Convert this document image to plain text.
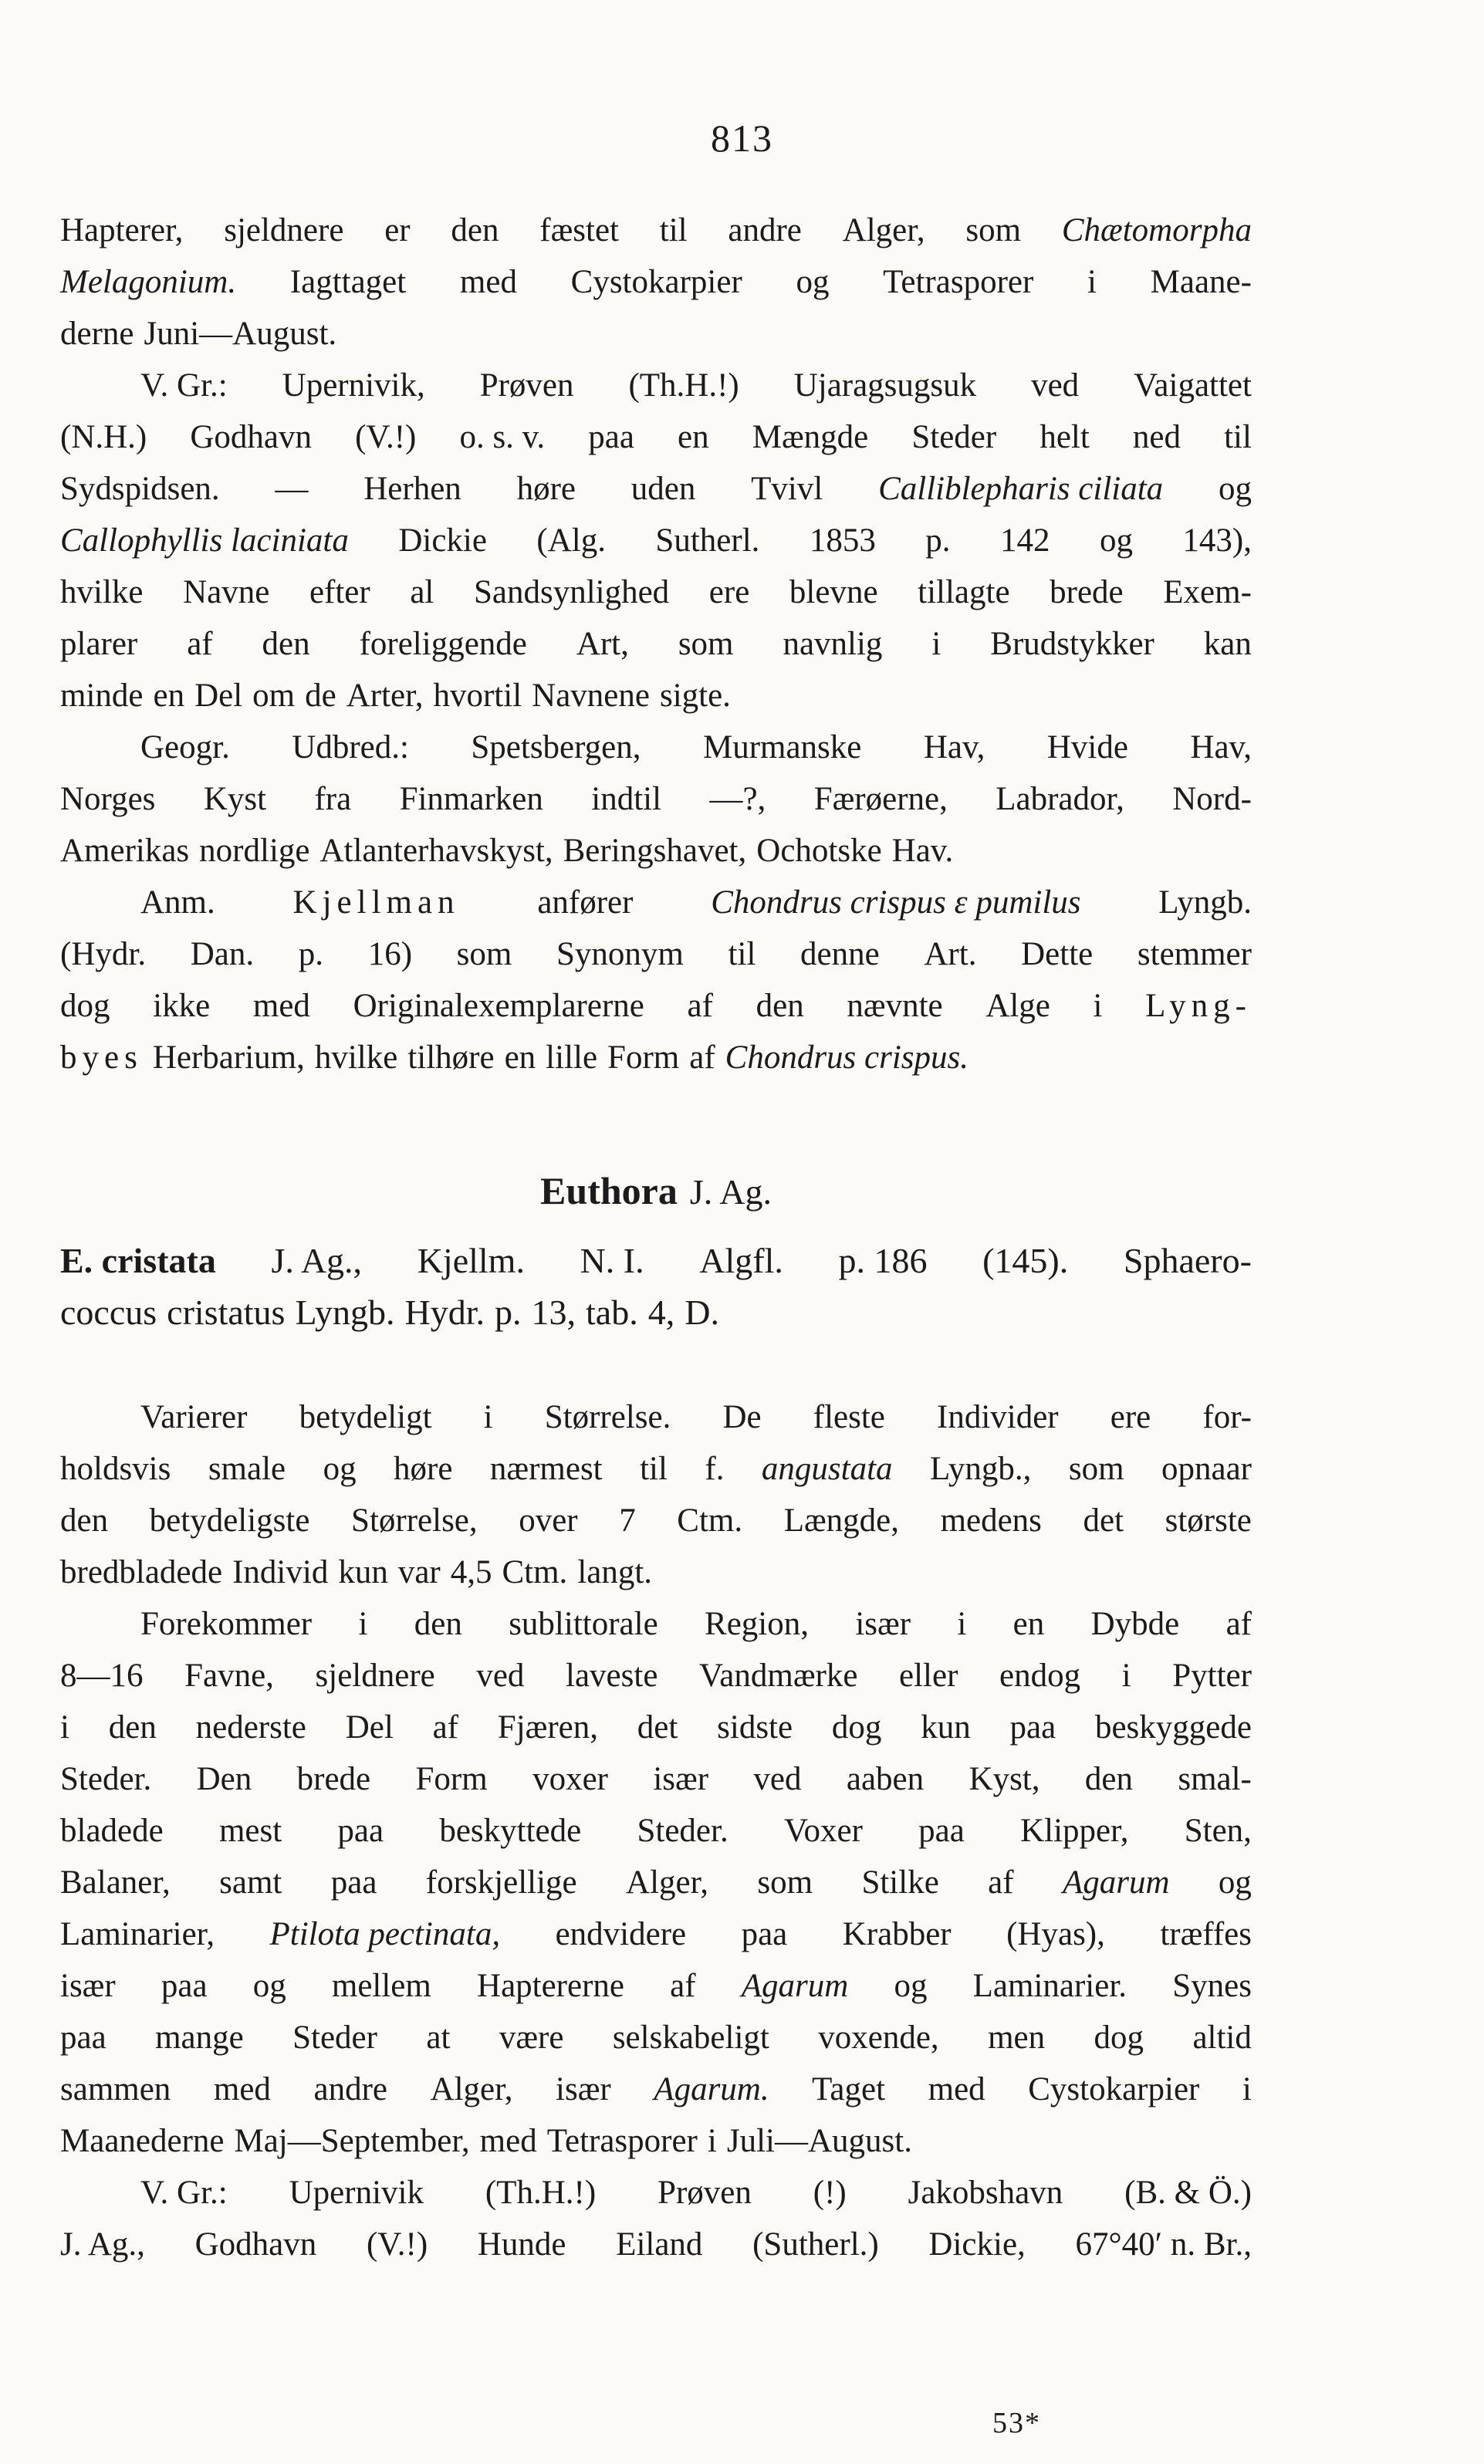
813
Hapterer, sjeldnere er den fæstet til andre Alger, som Chætomorpha
Melagonium. Iagttaget med Cystokarpier og Tetrasporer i Maane-
derne Juni—August.
V. Gr.: Upernivik, Prøven (Th.H.!) Ujaragsugsuk ved Vaigattet
(N.H.) Godhavn (V.!) o. s. v. paa en Mængde Steder helt ned til
Sydspidsen. — Herhen høre uden Tvivl Calliblepharis ciliata og
Callophyllis laciniata Dickie (Alg. Sutherl. 1853 p. 142 og 143),
hvilke Navne efter al Sandsynlighed ere blevne tillagte brede Exem-
plarer af den foreliggende Art, som navnlig i Brudstykker kan
minde en Del om de Arter, hvortil Navnene sigte.
Geogr. Udbred.: Spetsbergen, Murmanske Hav, Hvide Hav,
Norges Kyst fra Finmarken indtil —?, Færøerne, Labrador, Nord-
Amerikas nordlige Atlanterhavskyst, Beringshavet, Ochotske Hav.
Anm. Kjellman anfører Chondrus crispus ε pumilus Lyngb.
(Hydr. Dan. p. 16) som Synonym til denne Art. Dette stemmer
dog ikke med Originalexemplarerne af den nævnte Alge i Lyng-
byes Herbarium, hvilke tilhøre en lille Form af Chondrus crispus.
Euthora J. Ag.
E. cristata J. Ag., Kjellm. N. I. Algfl. p. 186 (145). Sphaero-
coccus cristatus Lyngb. Hydr. p. 13, tab. 4, D.
Varierer betydeligt i Størrelse. De fleste Individer ere for-
holdsvis smale og høre nærmest til f. angustata Lyngb., som opnaar
den betydeligste Størrelse, over 7 Ctm. Længde, medens det største
bredbladede Individ kun var 4,5 Ctm. langt.
Forekommer i den sublittorale Region, især i en Dybde af
8—16 Favne, sjeldnere ved laveste Vandmærke eller endog i Pytter
i den nederste Del af Fjæren, det sidste dog kun paa beskyggede
Steder. Den brede Form voxer især ved aaben Kyst, den smal-
bladede mest paa beskyttede Steder. Voxer paa Klipper, Sten,
Balaner, samt paa forskjellige Alger, som Stilke af Agarum og
Laminarier, Ptilota pectinata, endvidere paa Krabber (Hyas), træffes
især paa og mellem Haptererne af Agarum og Laminarier. Synes
paa mange Steder at være selskabeligt voxende, men dog altid
sammen med andre Alger, især Agarum. Taget med Cystokarpier i
Maanederne Maj—September, med Tetrasporer i Juli—August.
V. Gr.: Upernivik (Th.H.!) Prøven (!) Jakobshavn (B. & Ö.)
J. Ag., Godhavn (V.!) Hunde Eiland (Sutherl.) Dickie, 67°40′ n. Br.,
53*
